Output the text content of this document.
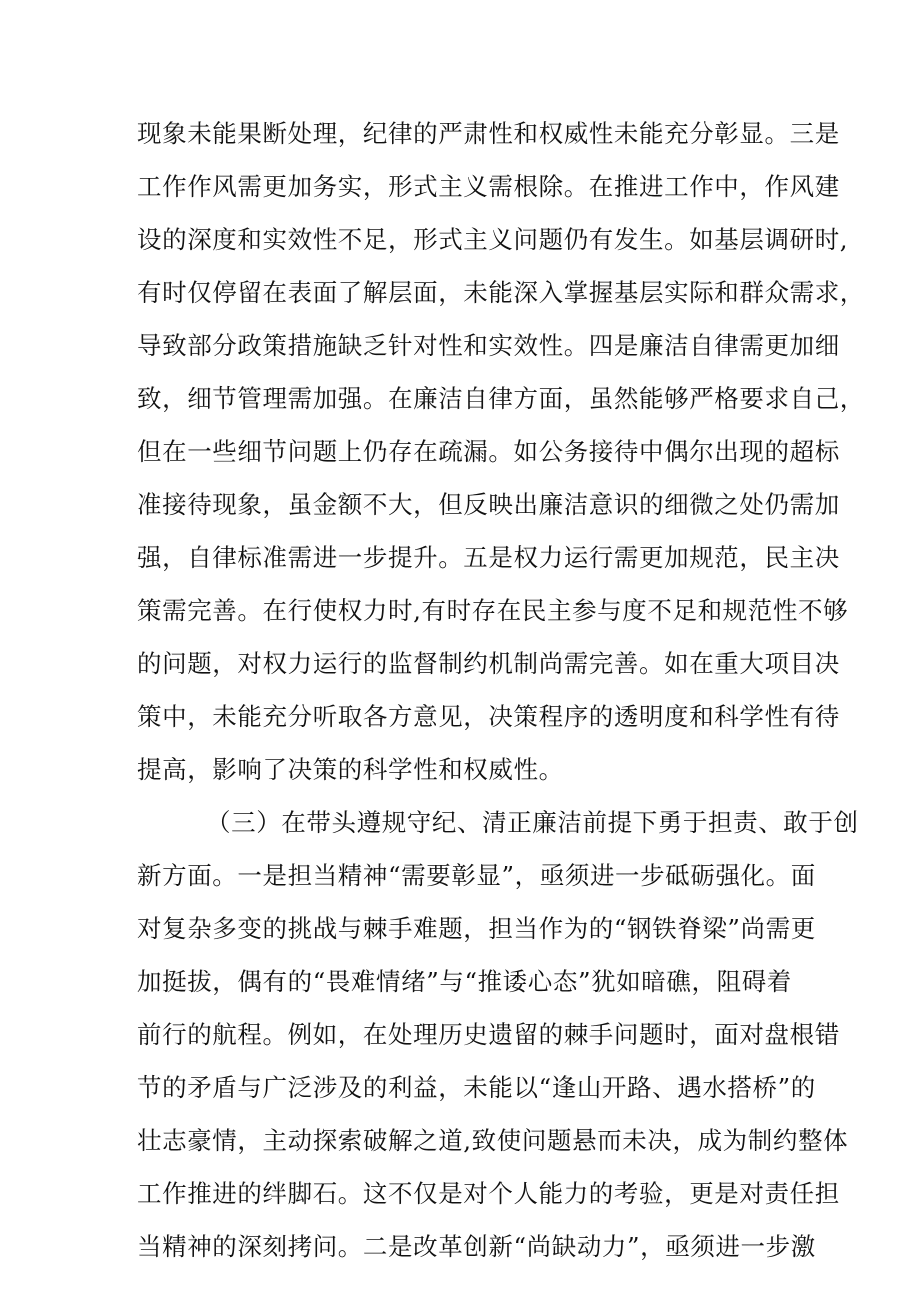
现象未能果断处理，纪律的严肃性和权威性未能充分彰显。三是
工作作风需更加务实，形式主义需根除。在推进工作中，作风建
设的深度和实效性不足，形式主义问题仍有发生。如基层调研时,
有时仅停留在表面了解层面，未能深入掌握基层实际和群众需求，
导致部分政策措施缺乏针对性和实效性。四是廉洁自律需更加细
致，细节管理需加强。在廉洁自律方面，虽然能够严格要求自己，
但在一些细节问题上仍存在疏漏。如公务接待中偶尔出现的超标
准接待现象，虽金额不大，但反映出廉洁意识的细微之处仍需加
强，自律标准需进一步提升。五是权力运行需更加规范，民主决
策需完善。在行使权力时,有时存在民主参与度不足和规范性不够
的问题，对权力运行的监督制约机制尚需完善。如在重大项目决
策中，未能充分听取各方意见，决策程序的透明度和科学性有待
提高，影响了决策的科学性和权威性。
（三）在带头遵规守纪、清正廉洁前提下勇于担责、敢于创
新方面。一是担当精神“需要彰显”，亟须进一步砥砺强化。面
对复杂多变的挑战与棘手难题，担当作为的“钢铁脊梁”尚需更
加挺拔，偶有的“畏难情绪”与“推诿心态”犹如暗礁，阻碍着
前行的航程。例如，在处理历史遗留的棘手问题时，面对盘根错
节的矛盾与广泛涉及的利益，未能以“逢山开路、遇水搭桥”的
壮志豪情，主动探索破解之道,致使问题悬而未决，成为制约整体
工作推进的绊脚石。这不仅是对个人能力的考验，更是对责任担
当精神的深刻拷问。二是改革创新“尚缺动力”，亟须进一步激
